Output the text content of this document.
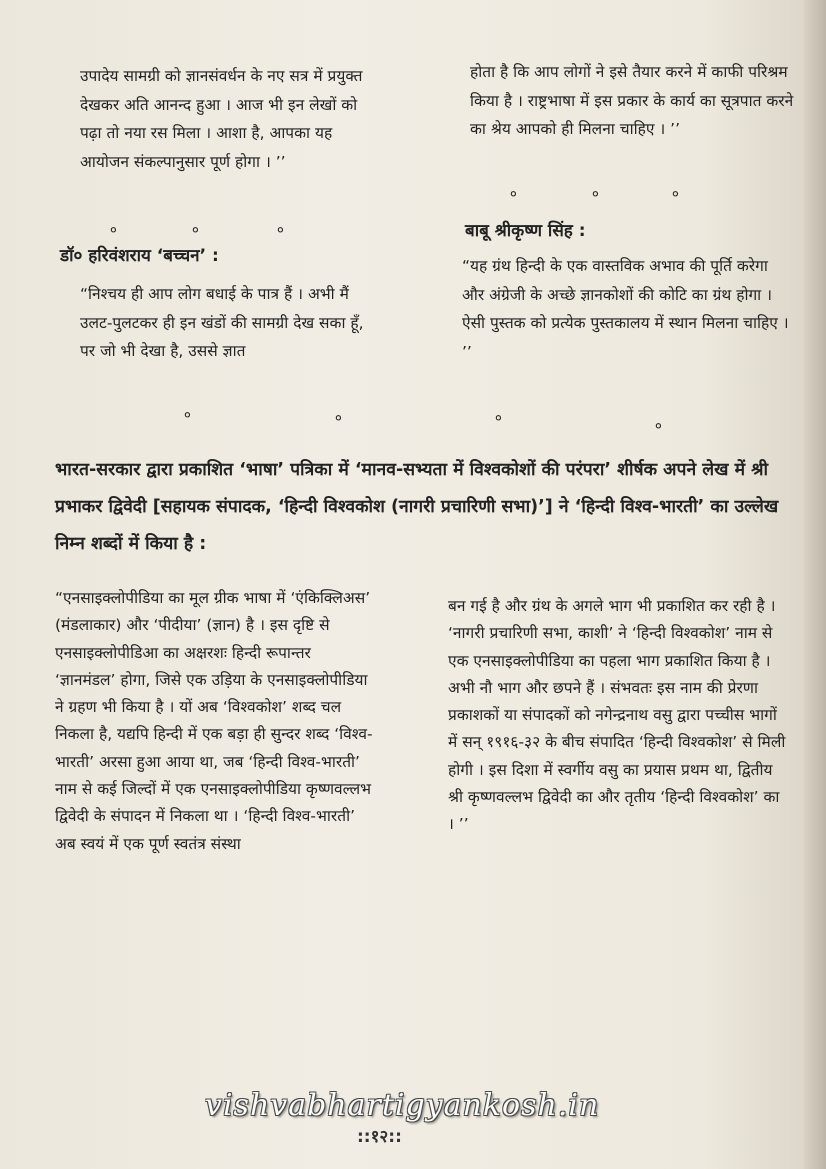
उपादेय सामग्री को ज्ञानसंवर्धन के नए सत्र में प्रयुक्त देखकर अति आनन्द हुआ । आज भी इन लेखों को पढ़ा तो नया रस मिला । आशा है, आपका यह आयोजन संकल्पानुसार पूर्ण होगा । ’’

होता है कि आप लोगों ने इसे तैयार करने में काफी परिश्रम किया है । राष्ट्रभाषा में इस प्रकार के कार्य का सूत्रपात करने का श्रेय आपको ही मिलना चाहिए । ’’

०	०	०
०	०	०
डॉ० हरिवंशराय ‘बच्चन’ :

“निश्चय ही आप लोग बधाई के पात्र हैं । अभी मैं उलट-पुलटकर ही इन खंडों की सामग्री देख सका हूँ, पर जो भी देखा है, उससे ज्ञात

बाबू श्रीकृष्ण सिंह :

“यह ग्रंथ हिन्दी के एक वास्तविक अभाव की पूर्ति करेगा और अंग्रेजी के अच्छे ज्ञानकोशों की कोटि का ग्रंथ होगा । ऐसी पुस्तक को प्रत्येक पुस्तकालय में स्थान मिलना चाहिए । ’’

०	०	०
०
भारत-सरकार द्वारा प्रकाशित ‘भाषा’ पत्रिका में ‘मानव-सभ्यता में विश्वकोशों की परंपरा’ शीर्षक अपने लेख में श्री प्रभाकर द्विवेदी [सहायक संपादक, ‘हिन्दी विश्वकोश (नागरी प्रचारिणी सभा)’] ने ‘हिन्दी विश्व-भारती’ का उल्लेख निम्न शब्दों में किया है :

“एनसाइक्लोपीडिया का मूल ग्रीक भाषा में ‘एंकिक्लिअस’ (मंडलाकार) और ‘पीदीया’ (ज्ञान) है । इस दृष्टि से एनसाइक्लोपीडिआ का अक्षरशः हिन्दी रूपान्तर ‘ज्ञानमंडल’ होगा, जिसे एक उड़िया के एनसाइक्लोपीडिया ने ग्रहण भी किया है । यों अब ‘विश्वकोश’ शब्द चल निकला है, यद्यपि हिन्दी में एक बड़ा ही सुन्दर शब्द ‘विश्व-भारती’ अरसा हुआ आया था, जब ‘हिन्दी विश्व-भारती’ नाम से कई जिल्दों में एक एनसाइक्लोपीडिया कृष्णवल्लभ द्विवेदी के संपादन में निकला था । ‘हिन्दी विश्व-भारती’ अब स्वयं में एक पूर्ण स्वतंत्र संस्था

बन गई है और ग्रंथ के अगले भाग भी प्रकाशित कर रही है । ‘नागरी प्रचारिणी सभा, काशी’ ने ‘हिन्दी विश्वकोश’ नाम से एक एनसाइक्लोपीडिया का पहला भाग प्रकाशित किया है । अभी नौ भाग और छपने हैं । संभवतः इस नाम की प्रेरणा प्रकाशकों या संपादकों को नगेन्द्रनाथ वसु द्वारा पच्चीस भागों में सन् १९१६-३२ के बीच संपादित ‘हिन्दी विश्वकोश’ से मिली होगी । इस दिशा में स्वर्गीय वसु का प्रयास प्रथम था, द्वितीय श्री कृष्णवल्लभ द्विवेदी का और तृतीय ‘हिन्दी विश्वकोश’ का । ’’

vishvabhartigyankosh.in
::१२::
